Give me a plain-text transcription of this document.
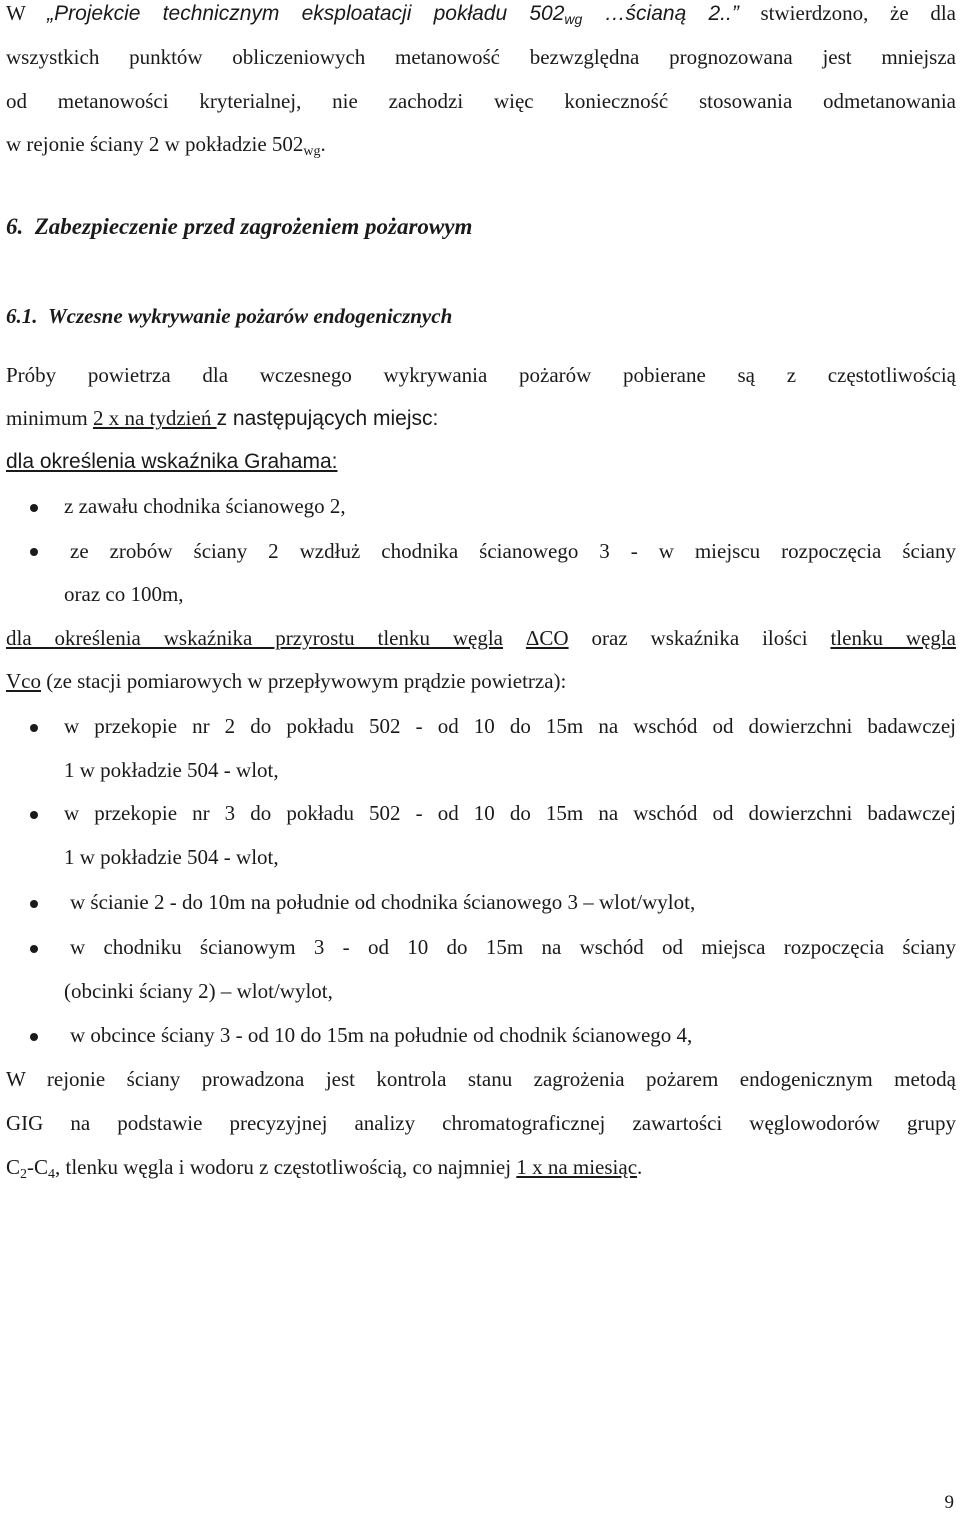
W „Projekcie technicznym eksploatacji pokładu $502_{wg}$ …ścianą 2..” stwierdzono, że dla

wszystkich punktów obliczeniowych metanowość bezwzględna prognozowana jest mniejsza

od metanowości kryterialnej, nie zachodzi więc konieczność stosowania odmetanowania

w rejonie ściany 2 w pokładzie $502_{wg}$.

6. Zabezpieczenie przed zagrożeniem pożarowym

6.1. Wczesne wykrywanie pożarów endogenicznych

Próby powietrza dla wczesnego wykrywania pożarów pobierane są z częstotliwością

minimum 2 x na tydzień z następujących miejsc:

dla określenia wskaźnika Grahama:

z zawału chodnika ścianowego 2,

ze zrobów ściany 2 wzdłuż chodnika ścianowego 3 - w miejscu rozpoczęcia ściany

oraz co 100m,

dla określenia wskaźnika przyrostu tlenku węgla ΔCO oraz wskaźnika ilości tlenku węgla

Vco (ze stacji pomiarowych w przepływowym prądzie powietrza):

w przekopie nr 2 do pokładu 502 - od 10 do 15m na wschód od dowierzchni badawczej

1 w pokładzie 504 - wlot,

w przekopie nr 3 do pokładu 502 - od 10 do 15m na wschód od dowierzchni badawczej

1 w pokładzie 504 - wlot,

w ścianie 2 - do 10m na południe od chodnika ścianowego 3 – wlot/wylot,

w chodniku ścianowym 3 - od 10 do 15m na wschód od miejsca rozpoczęcia ściany

(obcinki ściany 2) – wlot/wylot,

w obcince ściany 3 - od 10 do 15m na południe od chodnik ścianowego 4,

W rejonie ściany prowadzona jest kontrola stanu zagrożenia pożarem endogenicznym metodą

GIG na podstawie precyzyjnej analizy chromatograficznej zawartości węglowodorów grupy

$C_2-C_4$, tlenku węgla i wodoru z częstotliwością, co najmniej 1 x na miesiąc.

9
